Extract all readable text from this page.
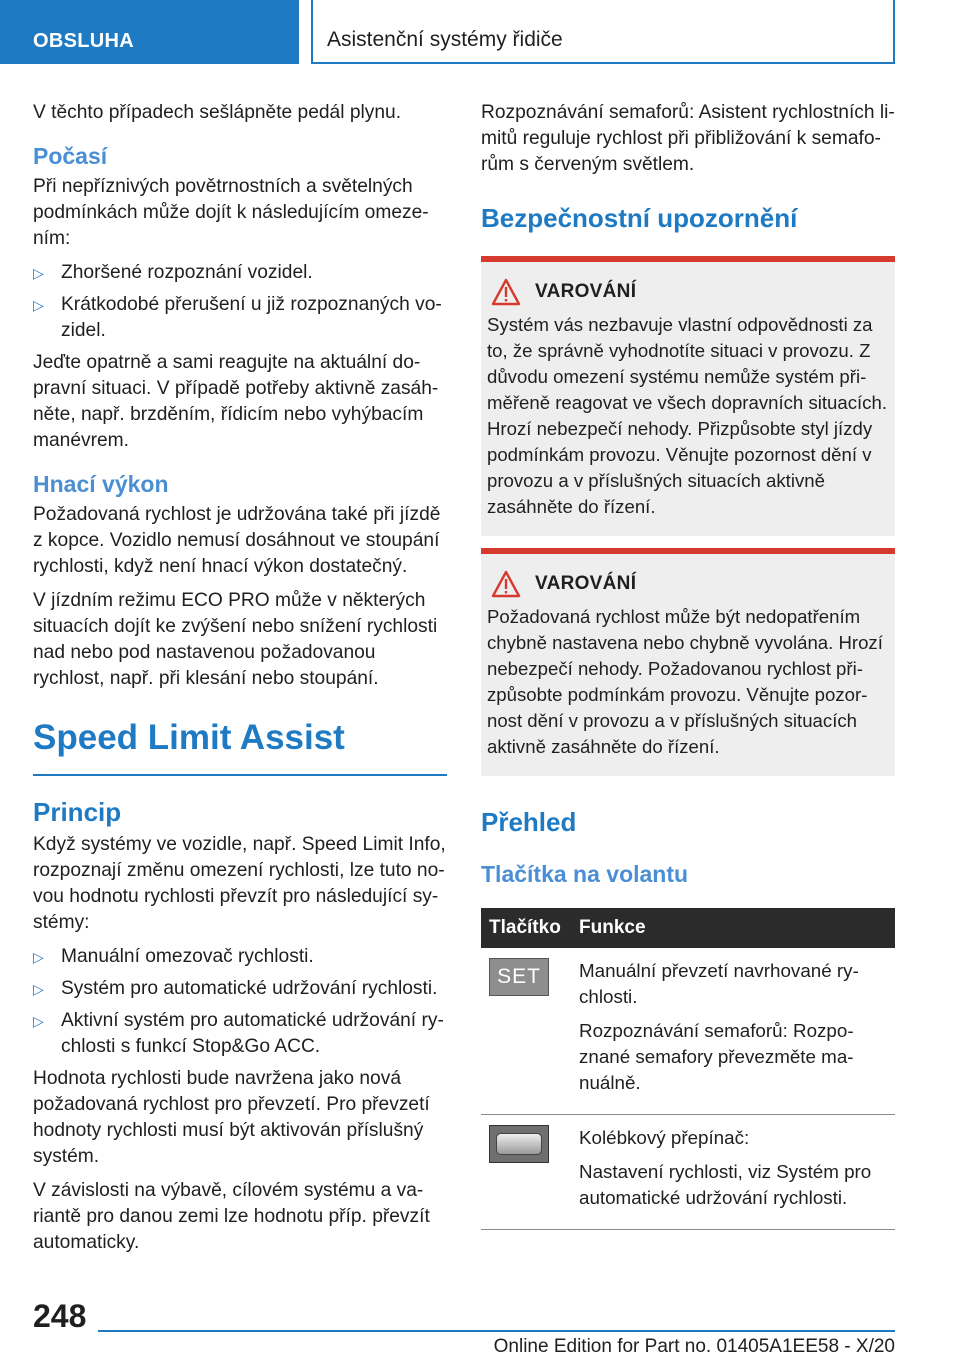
OBSLUHA	Asistenční systémy řidiče

V těchto případech sešlápněte pedál plynu.

Počasí

Při nepříznivých povětrnostních a světelných podmínkách může dojít k následujícím omezením:

▷ Zhoršené rozpoznání vozidel.
▷ Krátkodobé přerušení u již rozpoznaných vozidel.

Jeďte opatrně a sami reagujte na aktuální dopravní situaci. V případě potřeby aktivně zasáhněte, např. brzděním, řídicím nebo vyhýbacím manévrem.

Hnací výkon

Požadovaná rychlost je udržována také při jízdě z kopce. Vozidlo nemusí dosáhnout ve stoupání rychlosti, když není hnací výkon dostatečný.

V jízdním režimu ECO PRO může v některých situacích dojít ke zvýšení nebo snížení rychlosti nad nebo pod nastavenou požadovanou rychlost, např. při klesání nebo stoupání.

Speed Limit Assist
Princip

Když systémy ve vozidle, např. Speed Limit Info, rozpoznají změnu omezení rychlosti, lze tuto novou hodnotu rychlosti převzít pro následující systémy:

▷ Manuální omezovač rychlosti.
▷ Systém pro automatické udržování rychlosti.
▷ Aktivní systém pro automatické udržování rychlosti s funkcí Stop&Go ACC.

Hodnota rychlosti bude navržena jako nová požadovaná rychlost pro převzetí. Pro převzetí hodnoty rychlosti musí být aktivován příslušný systém.

V závislosti na výbavě, cílovém systému a variantě pro danou zemi lze hodnotu příp. převzít automaticky.

Rozpoznávání semaforů: Asistent rychlostních limitů reguluje rychlost při přibližování k semaforům s červeným světlem.

Bezpečnostní upozornění
VAROVÁNÍ

Systém vás nezbavuje vlastní odpovědnosti za to, že správně vyhodnotíte situaci v provozu. Z důvodu omezení systému nemůže systém přiměřeně reagovat ve všech dopravních situacích. Hrozí nebezpečí nehody. Přizpůsobte styl jízdy podmínkám provozu. Věnujte pozornost dění v provozu a v příslušných situacích aktivně zasáhněte do řízení.

VAROVÁNÍ

Požadovaná rychlost může být nedopatřením chybně nastavena nebo chybně vyvolána. Hrozí nebezpečí nehody. Požadovanou rychlost přizpůsobte podmínkám provozu. Věnujte pozornost dění v provozu a v příslušných situacích aktivně zasáhněte do řízení.

Přehled
Tlačítka na volantu
Tlačítko	Funkce

SET	Manuální převzetí navrhované rychlosti.

Rozpoznávání semaforů: Rozpoznané semafory převezměte manuálně.

	Kolébkový přepínač:

Nastavení rychlosti, viz Systém pro automatické udržování rychlosti.

248
Online Edition for Part no. 01405A1EE58 - X/20
